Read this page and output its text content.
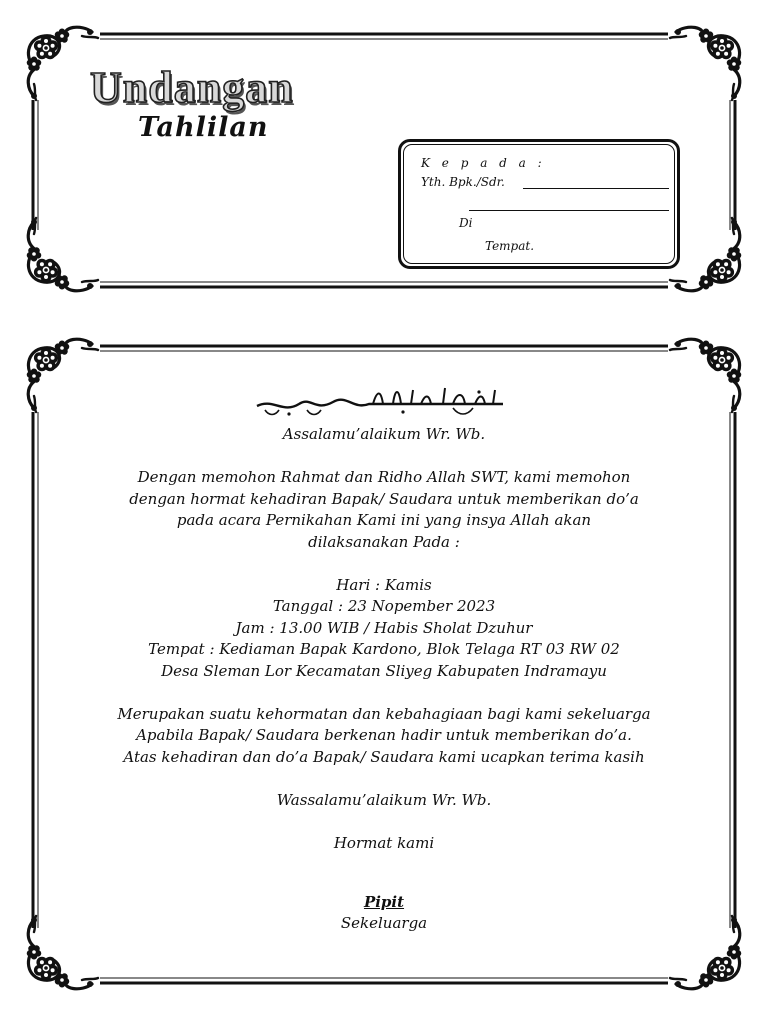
Undangan
Tahlilan
K e p a d a :
Yth. Bpk./Sdr.
Di
Tempat.

Assalamu’alaikum Wr. Wb.

Dengan memohon Rahmat dan Ridho Allah SWT, kami memohon

dengan hormat kehadiran Bapak/ Saudara untuk memberikan do’a

pada acara Pernikahan Kami ini yang insya Allah akan

dilaksanakan Pada :

Hari : Kamis

Tanggal : 23 Nopember 2023

Jam : 13.00 WIB / Habis Sholat Dzuhur

Tempat : Kediaman Bapak Kardono, Blok Telaga RT 03 RW 02

Desa Sleman Lor Kecamatan Sliyeg Kabupaten Indramayu

Merupakan suatu kehormatan dan kebahagiaan bagi kami sekeluarga

Apabila Bapak/ Saudara berkenan hadir untuk memberikan do’a.

Atas kehadiran dan do’a Bapak/ Saudara kami ucapkan terima kasih

Wassalamu’alaikum Wr. Wb.

Hormat kami

Pipit

Sekeluarga
